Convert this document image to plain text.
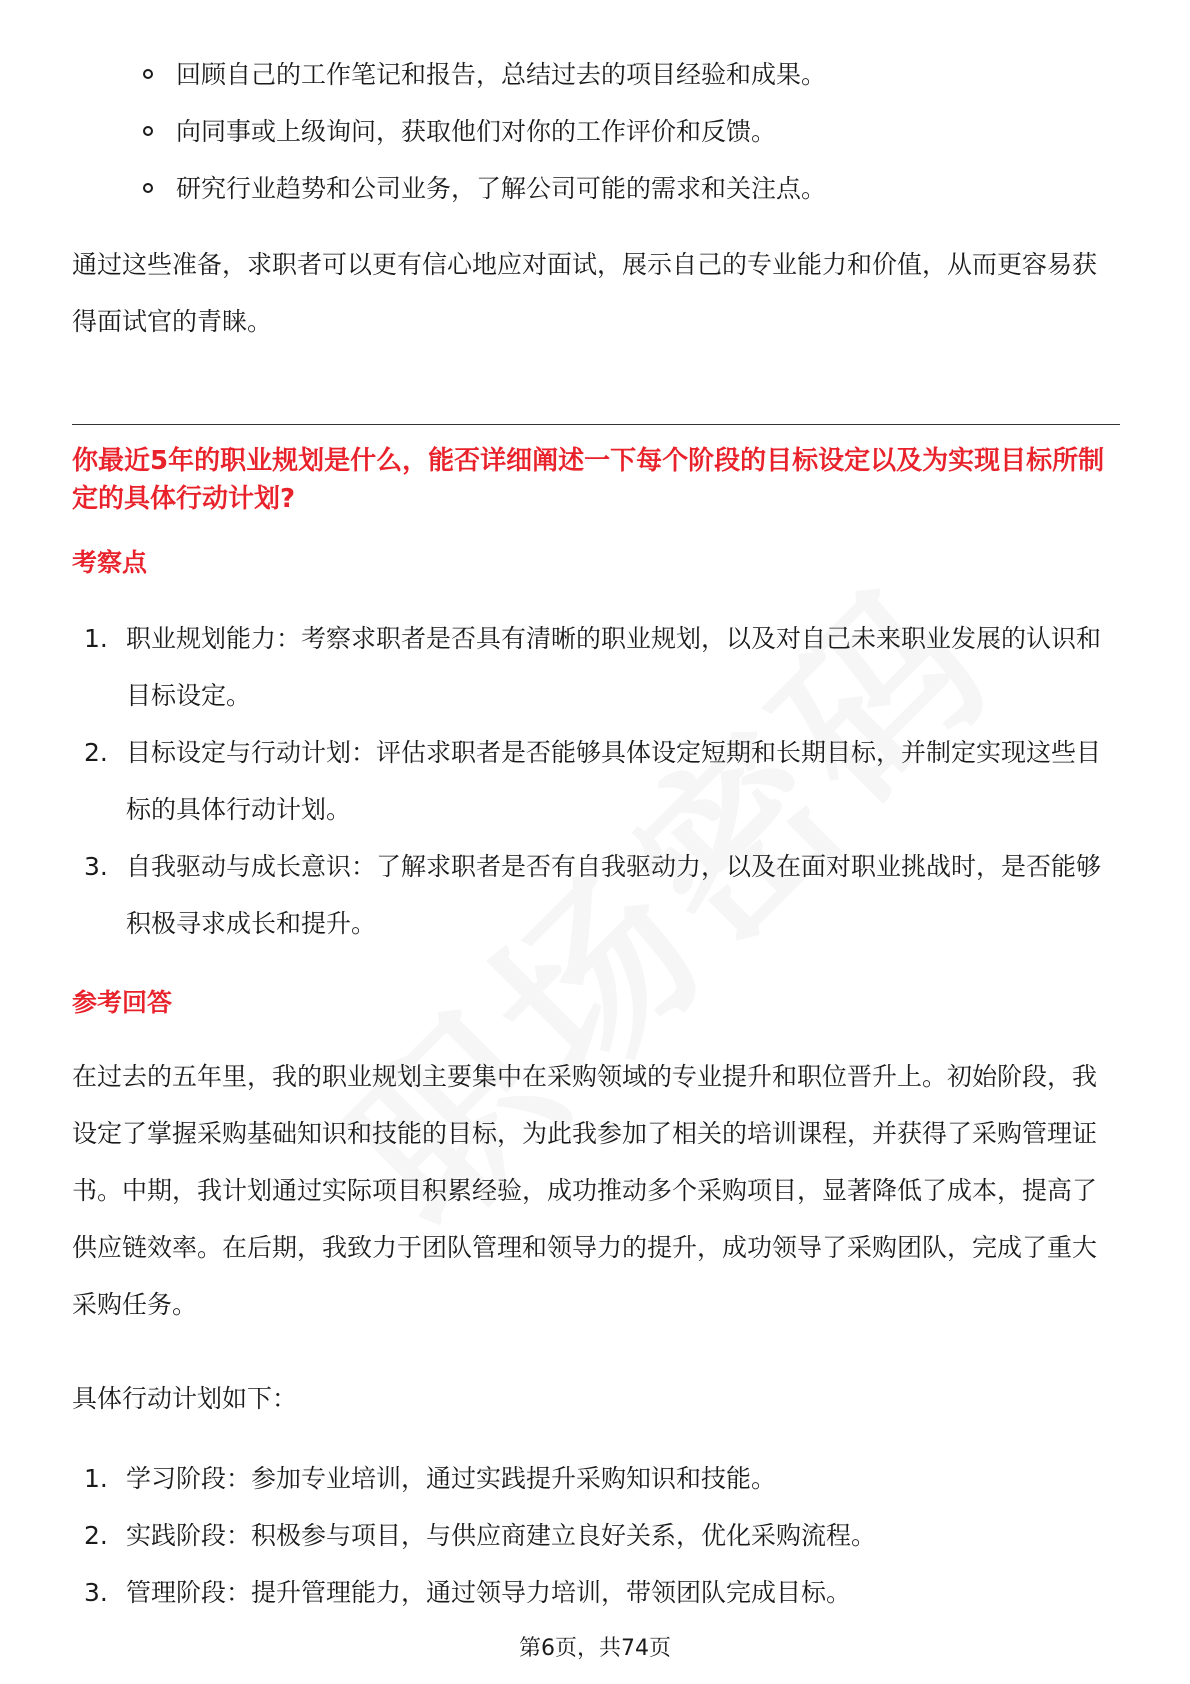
回顾自己的工作笔记和报告，总结过去的项目经验和成果。
向同事或上级询问，获取他们对你的工作评价和反馈。
研究行业趋势和公司业务，了解公司可能的需求和关注点。

通过这些准备，求职者可以更有信心地应对面试，展示自己的专业能力和价值，从而更容易获得面试官的青睐。

你最近5年的职业规划是什么，能否详细阐述一下每个阶段的目标设定以及为实现目标所制定的具体行动计划?

考察点

1. 职业规划能力：考察求职者是否具有清晰的职业规划，以及对自己未来职业发展的认识和目标设定。
2. 目标设定与行动计划：评估求职者是否能够具体设定短期和长期目标，并制定实现这些目标的具体行动计划。
3. 自我驱动与成长意识：了解求职者是否有自我驱动力，以及在面对职业挑战时，是否能够积极寻求成长和提升。

参考回答

在过去的五年里，我的职业规划主要集中在采购领域的专业提升和职位晋升上。初始阶段，我设定了掌握采购基础知识和技能的目标，为此我参加了相关的培训课程，并获得了采购管理证书。中期，我计划通过实际项目积累经验，成功推动多个采购项目，显著降低了成本，提高了供应链效率。在后期，我致力于团队管理和领导力的提升，成功领导了采购团队，完成了重大采购任务。

具体行动计划如下：

1. 学习阶段：参加专业培训，通过实践提升采购知识和技能。
2. 实践阶段：积极参与项目，与供应商建立良好关系，优化采购流程。
3. 管理阶段：提升管理能力，通过领导力培训，带领团队完成目标。
第6页，共74页
